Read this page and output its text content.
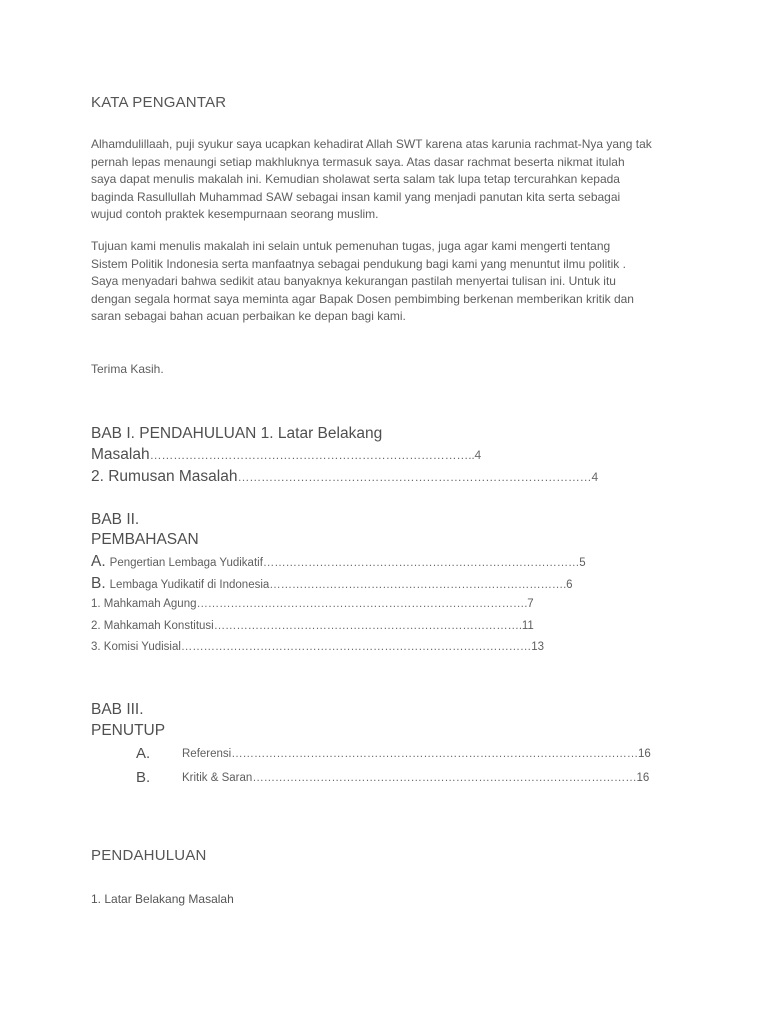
KATA PENGANTAR
Alhamdulillaah, puji syukur saya ucapkan kehadirat Allah SWT karena atas karunia rachmat-Nya yang tak
pernah lepas menaungi setiap makhluknya termasuk saya. Atas dasar rachmat beserta nikmat itulah
saya dapat menulis makalah ini. Kemudian sholawat serta salam tak lupa tetap tercurahkan kepada
baginda Rasullullah Muhammad SAW sebagai insan kamil yang menjadi panutan kita serta sebagai
wujud contoh praktek kesempurnaan seorang muslim.
Tujuan kami menulis makalah ini selain untuk pemenuhan tugas, juga agar kami mengerti tentang
Sistem Politik Indonesia serta manfaatnya sebagai pendukung bagi kami yang menuntut ilmu politik .
Saya menyadari bahwa sedikit atau banyaknya kekurangan pastilah menyertai tulisan ini. Untuk itu
dengan segala hormat saya meminta agar Bapak Dosen pembimbing berkenan memberikan kritik dan
saran sebagai bahan acuan perbaikan ke depan bagi kami.
Terima Kasih.
BAB I. PENDAHULUAN 1. Latar Belakang
Masalah………………………………………………………………………..4
2. Rumusan Masalah………………………………………………………………………………4
BAB II.
PEMBAHASAN
A. Pengertian Lembaga Yudikatif…………………………………………………………………………5
B. Lembaga Yudikatif di Indonesia…………………………………………………………………….6
1. Mahkamah Agung…………………………………………………………………………….7
2. Mahkamah Konstitusi……………………………………………………………………….11
3. Komisi Yudisial…………………………………………………………………………………13
BAB III.
PENUTUP
A.	Referensi………………………………………………………………………………………………16
B.	Kritik & Saran…………………………………………………………………………………………16
PENDAHULUAN
1. Latar Belakang Masalah
